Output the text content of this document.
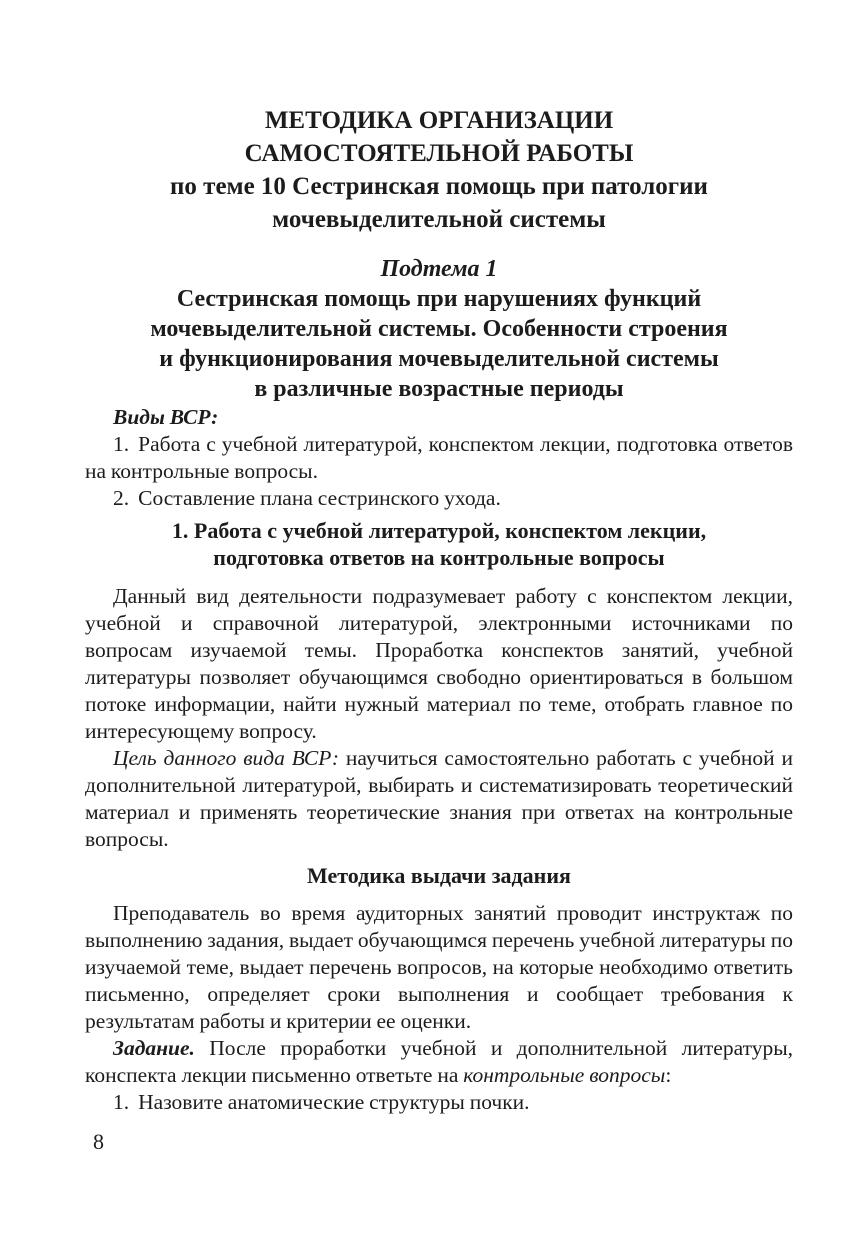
МЕТОДИКА ОРГАНИЗАЦИИ
САМОСТОЯТЕЛЬНОЙ РАБОТЫ
по теме 10 Сестринская помощь при патологии
мочевыделительной системы
Подтема 1
Сестринская помощь при нарушениях функций
мочевыделительной системы. Особенности строения
и функционирования мочевыделительной системы
в различные возрастные периоды

Виды ВСР:

1. Работа с учебной литературой, конспектом лекции, подготовка ответов на контрольные вопросы.

2. Составление плана сестринского ухода.

1. Работа с учебной литературой, конспектом лекции,
подготовка ответов на контрольные вопросы

Данный вид деятельности подразумевает работу с конспектом лекции, учебной и справочной литературой, электронными источниками по вопросам изучаемой темы. Проработка конспектов занятий, учебной литературы позволяет обучающимся свободно ориентироваться в большом потоке информации, найти нужный материал по теме, отобрать главное по интересующему вопросу.

Цель данного вида ВСР: научиться самостоятельно работать с учебной и дополнительной литературой, выбирать и систематизировать теоретический материал и применять теоретические знания при ответах на контрольные вопросы.

Методика выдачи задания

Преподаватель во время аудиторных занятий проводит инструктаж по выполнению задания, выдает обучающимся перечень учебной литературы по изучаемой теме, выдает перечень вопросов, на которые необходимо ответить письменно, определяет сроки выполнения и сообщает требования к результатам работы и критерии ее оценки.

Задание. После проработки учебной и дополнительной литературы, конспекта лекции письменно ответьте на контрольные вопросы:

1. Назовите анатомические структуры почки.

8
